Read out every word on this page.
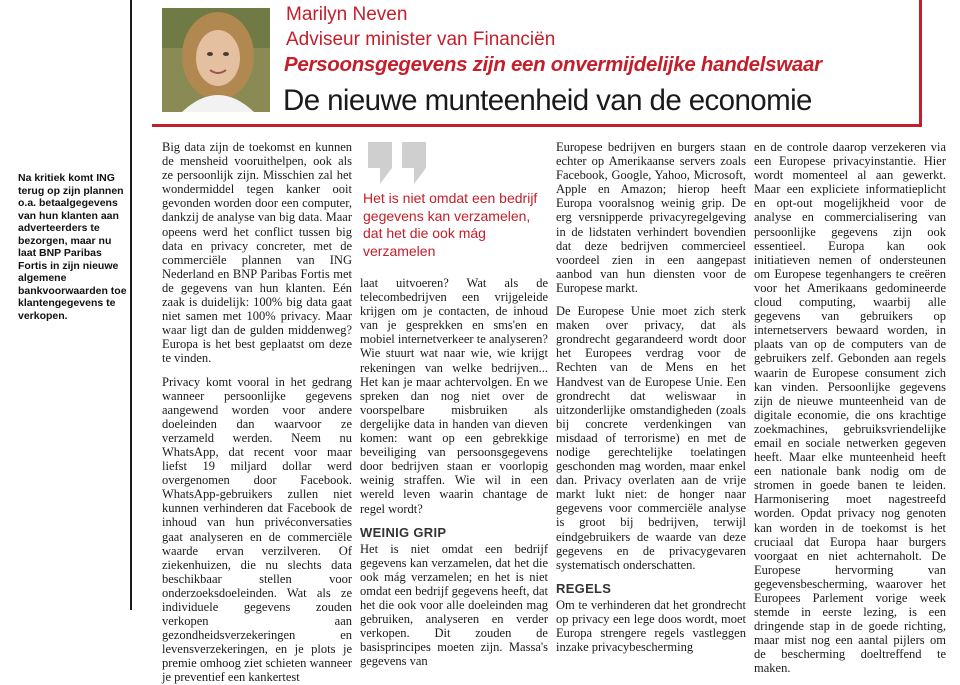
Na kritiek komt ING terug op zijn plannen o.a. betaalgegevens van hun klanten aan adverteerders te bezorgen, maar nu laat BNP Paribas Fortis in zijn nieuwe algemene bankvoorwaarden toe klantengegevens te verkopen.
Marilyn Neven
Adviseur minister van Financiën
Persoonsgegevens zijn een onvermijdelijke handelswaar
De nieuwe munteenheid van de economie

Big data zijn de toekomst en kunnen de mensheid vooruithelpen, ook als ze persoonlijk zijn. Misschien zal het wondermiddel tegen kanker ooit gevonden worden door een computer, dankzij de analyse van big data. Maar opeens werd het conflict tussen big data en privacy concreter, met de commerciële plannen van ING Nederland en BNP Paribas Fortis met de gegevens van hun klanten. Eén zaak is duidelijk: 100% big data gaat niet samen met 100% privacy. Maar waar ligt dan de gulden middenweg? Europa is het best geplaatst om deze te vinden.

Privacy komt vooral in het gedrang wanneer persoonlijke gegevens aangewend worden voor andere doeleinden dan waarvoor ze verzameld werden. Neem nu WhatsApp, dat recent voor maar liefst 19 miljard dollar werd overgenomen door Facebook. WhatsApp-gebruikers zullen niet kunnen verhinderen dat Facebook de inhoud van hun privéconversaties gaat analyseren en de commerciële waarde ervan verzilveren. Of ziekenhuizen, die nu slechts data beschikbaar stellen voor onderzoeksdoeleinden. Wat als ze individuele gegevens zouden verkopen aan gezondheidsverzekeringen en levensverzekeringen, en je plots je premie omhoog ziet schieten wanneer je preventief een kankertest

Het is niet omdat een bedrijf gegevens kan verzamelen, dat het die ook mág verzamelen

laat uitvoeren? Wat als de telecombedrijven een vrijgeleide krijgen om je contacten, de inhoud van je gesprekken en sms'en en mobiel internetverkeer te analyseren? Wie stuurt wat naar wie, wie krijgt rekeningen van welke bedrijven... Het kan je maar achtervolgen. En we spreken dan nog niet over de voorspelbare misbruiken als dergelijke data in handen van dieven komen: want op een gebrekkige beveiliging van persoonsgegevens door bedrijven staan er voorlopig weinig straffen. Wie wil in een wereld leven waarin chantage de regel wordt?

WEINIG GRIP

Het is niet omdat een bedrijf gegevens kan verzamelen, dat het die ook mág verzamelen; en het is niet omdat een bedrijf gegevens heeft, dat het die ook voor alle doeleinden mag gebruiken, analyseren en verder verkopen. Dit zouden de basisprincipes moeten zijn. Massa's gegevens van

Europese bedrijven en burgers staan echter op Amerikaanse servers zoals Facebook, Google, Yahoo, Microsoft, Apple en Amazon; hierop heeft Europa vooralsnog weinig grip. De erg versnipperde privacyregelgeving in de lidstaten verhindert bovendien dat deze bedrijven commercieel voordeel zien in een aangepast aanbod van hun diensten voor de Europese markt.

De Europese Unie moet zich sterk maken over privacy, dat als grondrecht gegarandeerd wordt door het Europees verdrag voor de Rechten van de Mens en het Handvest van de Europese Unie. Een grondrecht dat weliswaar in uitzonderlijke omstandigheden (zoals bij concrete verdenkingen van misdaad of terrorisme) en met de nodige gerechtelijke toelatingen geschonden mag worden, maar enkel dan. Privacy overlaten aan de vrije markt lukt niet: de honger naar gegevens voor commerciële analyse is groot bij bedrijven, terwijl eindgebruikers de waarde van deze gegevens en de privacygevaren systematisch onderschatten.

REGELS

Om te verhinderen dat het grondrecht op privacy een lege doos wordt, moet Europa strengere regels vastleggen inzake privacybescherming

en de controle daarop verzekeren via een Europese privacyinstantie. Hier wordt momenteel al aan gewerkt. Maar een expliciete informatieplicht en opt-out mogelijkheid voor de analyse en commercialisering van persoonlijke gegevens zijn ook essentieel. Europa kan ook initiatieven nemen of ondersteunen om Europese tegenhangers te creëren voor het Amerikaans gedomineerde cloud computing, waarbij alle gegevens van gebruikers op internetservers bewaard worden, in plaats van op de computers van de gebruikers zelf. Gebonden aan regels waarin de Europese consument zich kan vinden. Persoonlijke gegevens zijn de nieuwe munteenheid van de digitale economie, die ons krachtige zoekmachines, gebruiksvriendelijke email en sociale netwerken gegeven heeft. Maar elke munteenheid heeft een nationale bank nodig om de stromen in goede banen te leiden. Harmonisering moet nagestreefd worden. Opdat privacy nog genoten kan worden in de toekomst is het cruciaal dat Europa haar burgers voorgaat en niet achternaholt. De Europese hervorming van gegevensbescherming, waarover het Europees Parlement vorige week stemde in eerste lezing, is een dringende stap in de goede richting, maar mist nog een aantal pijlers om de bescherming doeltreffend te maken.
